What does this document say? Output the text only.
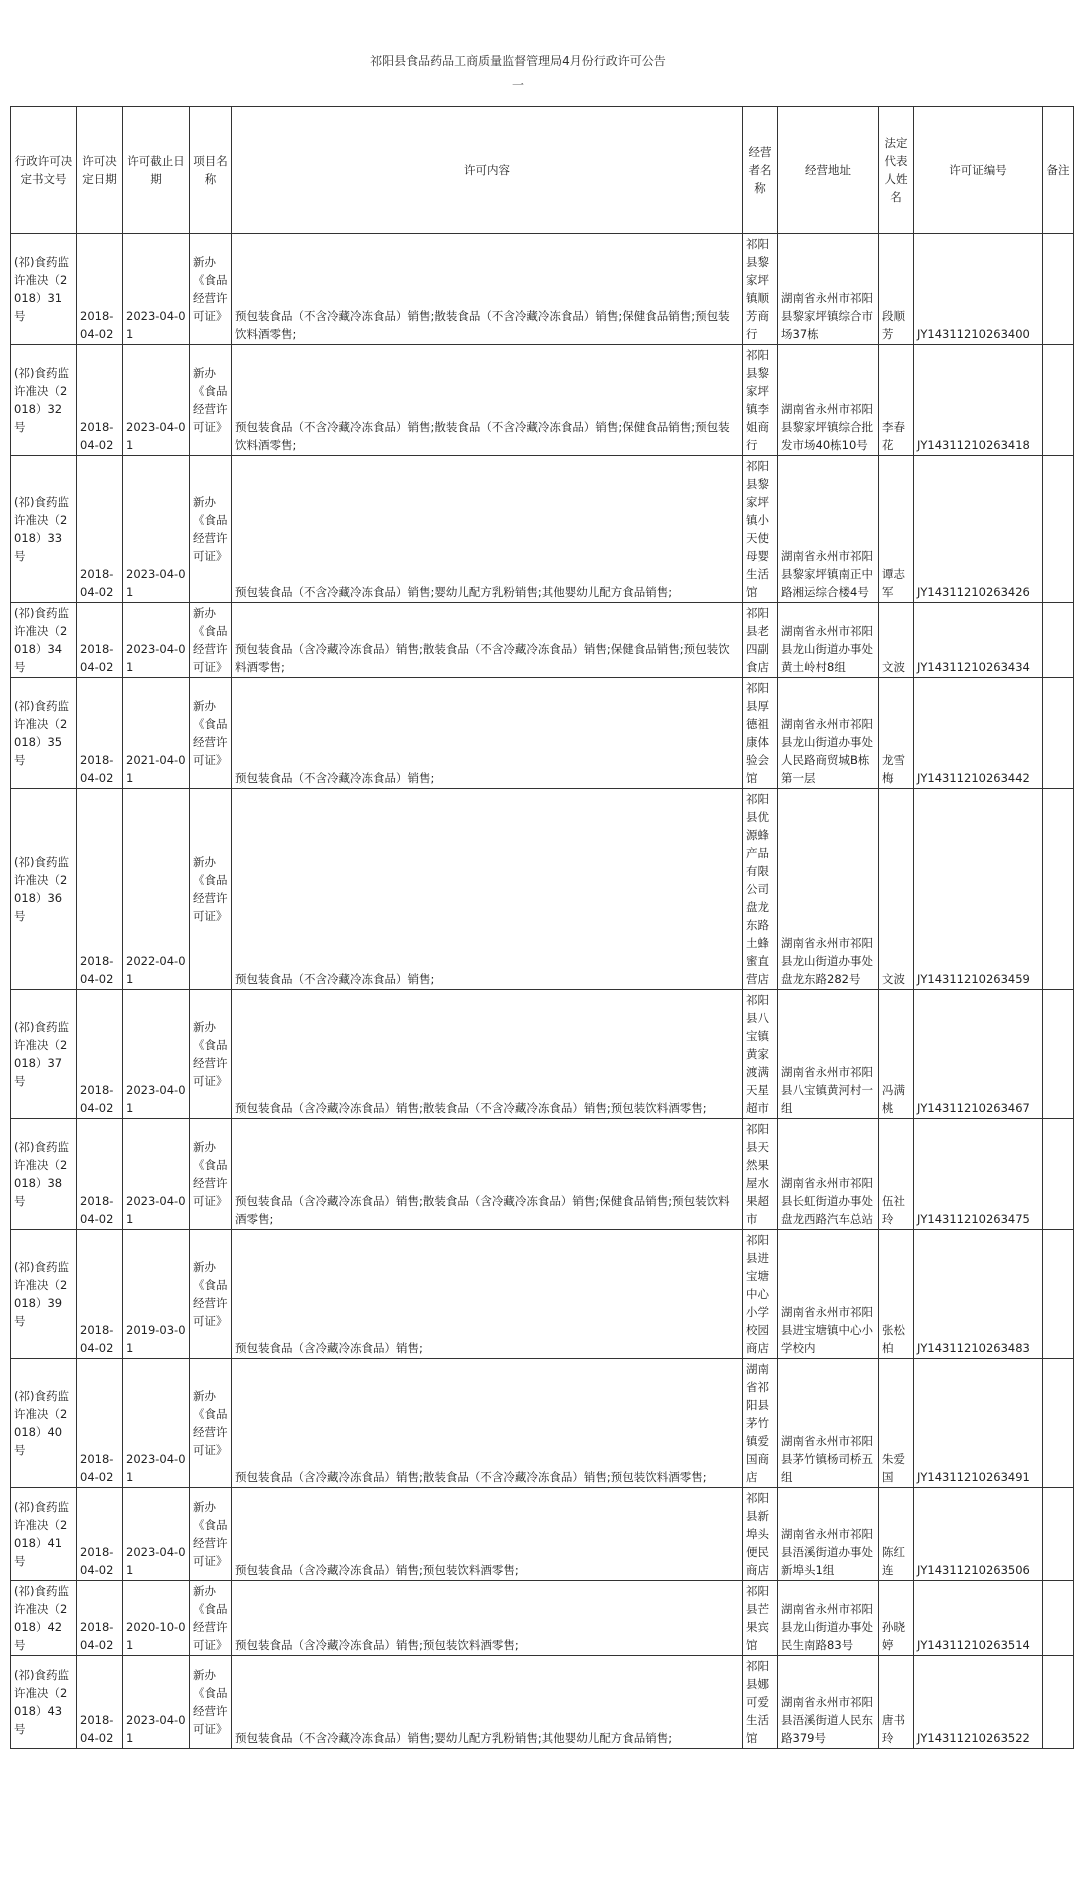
祁阳县食品药品工商质量监督管理局4月份行政许可公告
一
行政许可决定书文号	许可决定日期	许可截止日期	项目名称	许可内容	经营者名称	经营地址	法定代表人姓名	许可证编号	备注
(祁)食药监许准决（2018）31号	2018-04-02	2023-04-01	新办《食品经营许可证》	预包装食品（不含冷藏冷冻食品）销售;散装食品（不含冷藏冷冻食品）销售;保健食品销售;预包装饮料酒零售;	祁阳县黎家坪镇顺芳商行	湖南省永州市祁阳县黎家坪镇综合市场37栋	段顺芳	JY14311210263400	
(祁)食药监许准决（2018）32号	2018-04-02	2023-04-01	新办《食品经营许可证》	预包装食品（不含冷藏冷冻食品）销售;散装食品（不含冷藏冷冻食品）销售;保健食品销售;预包装饮料酒零售;	祁阳县黎家坪镇李姐商行	湖南省永州市祁阳县黎家坪镇综合批发市场40栋10号	李春花	JY14311210263418	
(祁)食药监许准决（2018）33号	2018-04-02	2023-04-01	新办《食品经营许可证》	预包装食品（不含冷藏冷冻食品）销售;婴幼儿配方乳粉销售;其他婴幼儿配方食品销售;	祁阳县黎家坪镇小天使母婴生活馆	湖南省永州市祁阳县黎家坪镇南正中路湘运综合楼4号	谭志军	JY14311210263426	
(祁)食药监许准决（2018）34号	2018-04-02	2023-04-01	新办《食品经营许可证》	预包装食品（含冷藏冷冻食品）销售;散装食品（不含冷藏冷冻食品）销售;保健食品销售;预包装饮料酒零售;	祁阳县老四副食店	湖南省永州市祁阳县龙山街道办事处黄土岭村8组	文波	JY14311210263434	
(祁)食药监许准决（2018）35号	2018-04-02	2021-04-01	新办《食品经营许可证》	预包装食品（不含冷藏冷冻食品）销售;	祁阳县厚德祖康体验会馆	湖南省永州市祁阳县龙山街道办事处人民路商贸城B栋第一层	龙雪梅	JY14311210263442	
(祁)食药监许准决（2018）36号	2018-04-02	2022-04-01	新办《食品经营许可证》	预包装食品（不含冷藏冷冻食品）销售;	祁阳县优源蜂产品有限公司盘龙东路土蜂蜜直营店	湖南省永州市祁阳县龙山街道办事处盘龙东路282号	文波	JY14311210263459	
(祁)食药监许准决（2018）37号	2018-04-02	2023-04-01	新办《食品经营许可证》	预包装食品（含冷藏冷冻食品）销售;散装食品（不含冷藏冷冻食品）销售;预包装饮料酒零售;	祁阳县八宝镇黄家渡满天星超市	湖南省永州市祁阳县八宝镇黄河村一组	冯满桃	JY14311210263467	
(祁)食药监许准决（2018）38号	2018-04-02	2023-04-01	新办《食品经营许可证》	预包装食品（含冷藏冷冻食品）销售;散装食品（含冷藏冷冻食品）销售;保健食品销售;预包装饮料酒零售;	祁阳县天然果屋水果超市	湖南省永州市祁阳县长虹街道办事处盘龙西路汽车总站	伍社玲	JY14311210263475	
(祁)食药监许准决（2018）39号	2018-04-02	2019-03-01	新办《食品经营许可证》	预包装食品（含冷藏冷冻食品）销售;	祁阳县进宝塘中心小学校园商店	湖南省永州市祁阳县进宝塘镇中心小学校内	张松柏	JY14311210263483	
(祁)食药监许准决（2018）40号	2018-04-02	2023-04-01	新办《食品经营许可证》	预包装食品（含冷藏冷冻食品）销售;散装食品（不含冷藏冷冻食品）销售;预包装饮料酒零售;	湖南省祁阳县茅竹镇爱国商店	湖南省永州市祁阳县茅竹镇杨司桥五组	朱爱国	JY14311210263491	
(祁)食药监许准决（2018）41号	2018-04-02	2023-04-01	新办《食品经营许可证》	预包装食品（含冷藏冷冻食品）销售;预包装饮料酒零售;	祁阳县新埠头便民商店	湖南省永州市祁阳县浯溪街道办事处新埠头1组	陈红连	JY14311210263506	
(祁)食药监许准决（2018）42号	2018-04-02	2020-10-01	新办《食品经营许可证》	预包装食品（含冷藏冷冻食品）销售;预包装饮料酒零售;	祁阳县芒果宾馆	湖南省永州市祁阳县龙山街道办事处民生南路83号	孙晓婷	JY14311210263514	
(祁)食药监许准决（2018）43号	2018-04-02	2023-04-01	新办《食品经营许可证》	预包装食品（不含冷藏冷冻食品）销售;婴幼儿配方乳粉销售;其他婴幼儿配方食品销售;	祁阳县娜可爱生活馆	湖南省永州市祁阳县浯溪街道人民东路379号	唐书玲	JY14311210263522	
